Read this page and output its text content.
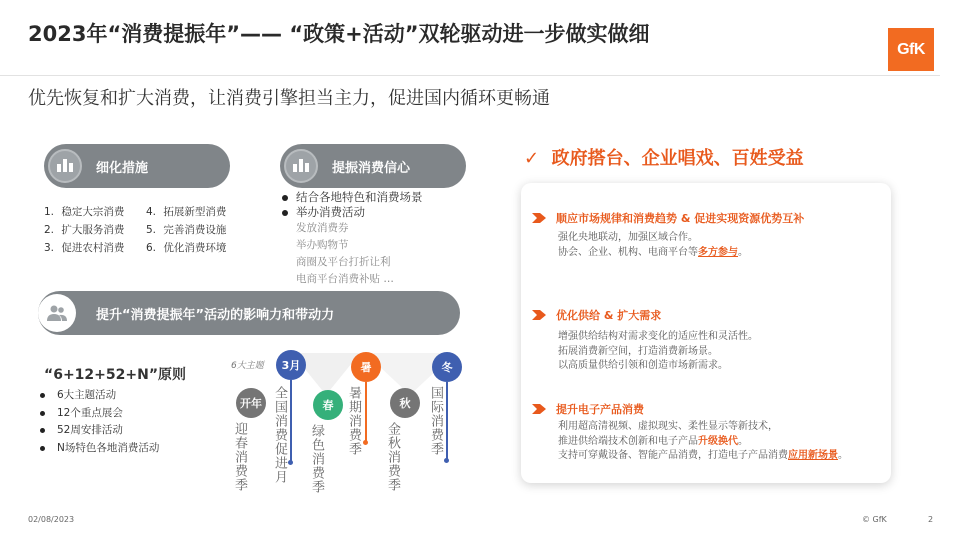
2023年“消费提振年”—— “政策+活动”双轮驱动进一步做实做细
GfK
优先恢复和扩大消费，让消费引擎担当主力，促进国内循环更畅通
细化措施
1. 稳定大宗消费
2. 扩大服务消费
3. 促进农村消费
4. 拓展新型消费
5. 完善消费设施
6. 优化消费环境
提振消费信心
结合各地特色和消费场景
举办消费活动
发放消费券
举办购物节
商圈及平台打折让利
电商平台消费补贴 …
提升“消费提振年”活动的影响力和带动力
“6+12+52+N”原则
6大主题活动
12个重点展会
52周安排活动
N场特色各地消费活动
6大主题
开年
迎春消费季
3月
全国消费促进月	春
绿色消费季
暑
暑期消费季	秋
金秋消费季
冬
国际消费季
✓ 政府搭台、企业唱戏、百姓受益
顺应市场规律和消费趋势 & 促进实现资源优势互补
强化央地联动，加强区域合作。
协会、企业、机构、电商平台等多方参与。
优化供给 & 扩大需求
增强供给结构对需求变化的适应性和灵活性。
拓展消费新空间，打造消费新场景。
以高质量供给引领和创造市场新需求。
提升电子产品消费
利用超高清视频、虚拟现实、柔性显示等新技术，
推进供给端技术创新和电子产品升级换代。
支持可穿戴设备、智能产品消费，打造电子产品消费应用新场景。
02/08/2023	© GfK	2
